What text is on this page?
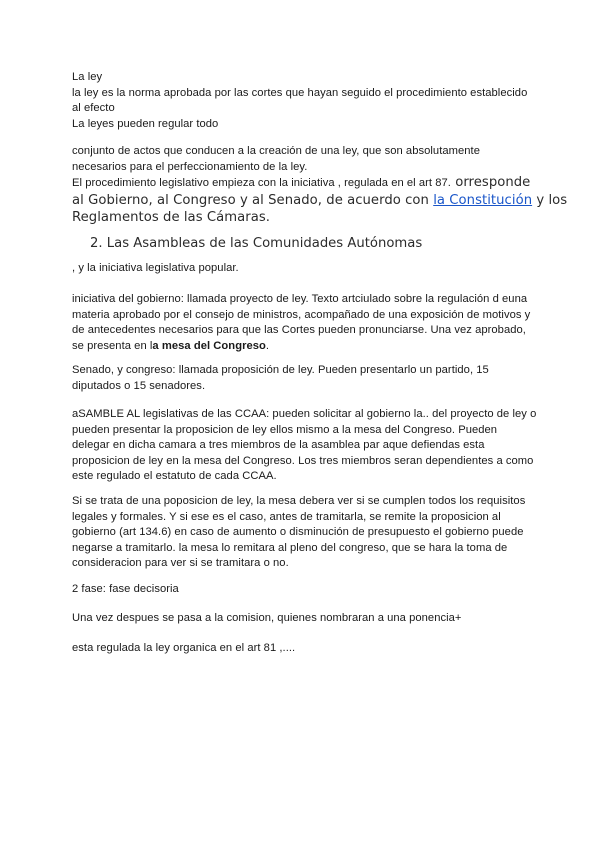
La ley
la ley es la norma aprobada por las cortes que hayan seguido el procedimiento establecido
al efecto
La leyes pueden regular todo
conjunto de actos que conducen a la creación de una ley, que son absolutamente
necesarios para el perfeccionamiento de la ley.
El procedimiento legislativo empieza con la iniciativa , regulada en el art 87. orresponde
al Gobierno, al Congreso y al Senado, de acuerdo con la Constitución y los
Reglamentos de las Cámaras.

2. Las Asambleas de las Comunidades Autónomas

, y la iniciativa legislativa popular.
iniciativa del gobierno: llamada proyecto de ley. Texto artciulado sobre la regulación d euna
materia aprobado por el consejo de ministros, acompañado de una exposición de motivos y
de antecedentes necesarios para que las Cortes pueden pronunciarse. Una vez aprobado,
se presenta en la mesa del Congreso.
Senado, y congreso: llamada proposición de ley. Pueden presentarlo un partido, 15
diputados o 15 senadores.
aSAMBLE AL legislativas de las CCAA: pueden solicitar al gobierno la.. del proyecto de ley o
pueden presentar la proposicion de ley ellos mismo a la mesa del Congreso. Pueden
delegar en dicha camara a tres miembros de la asamblea par aque defiendas esta
proposicion de ley en la mesa del Congreso. Los tres miembros seran dependientes a como
este regulado el estatuto de cada CCAA.
Si se trata de una poposicion de ley, la mesa debera ver si se cumplen todos los requisitos
legales y formales. Y si ese es el caso, antes de tramitarla, se remite la proposicion al
gobierno (art 134.6) en caso de aumento o disminución de presupuesto el gobierno puede
negarse a tramitarlo. la mesa lo remitara al pleno del congreso, que se hara la toma de
consideracion para ver si se tramitara o no.
2 fase: fase decisoria
Una vez despues se pasa a la comision, quienes nombraran a una ponencia+
esta regulada la ley organica en el art 81 ,....
